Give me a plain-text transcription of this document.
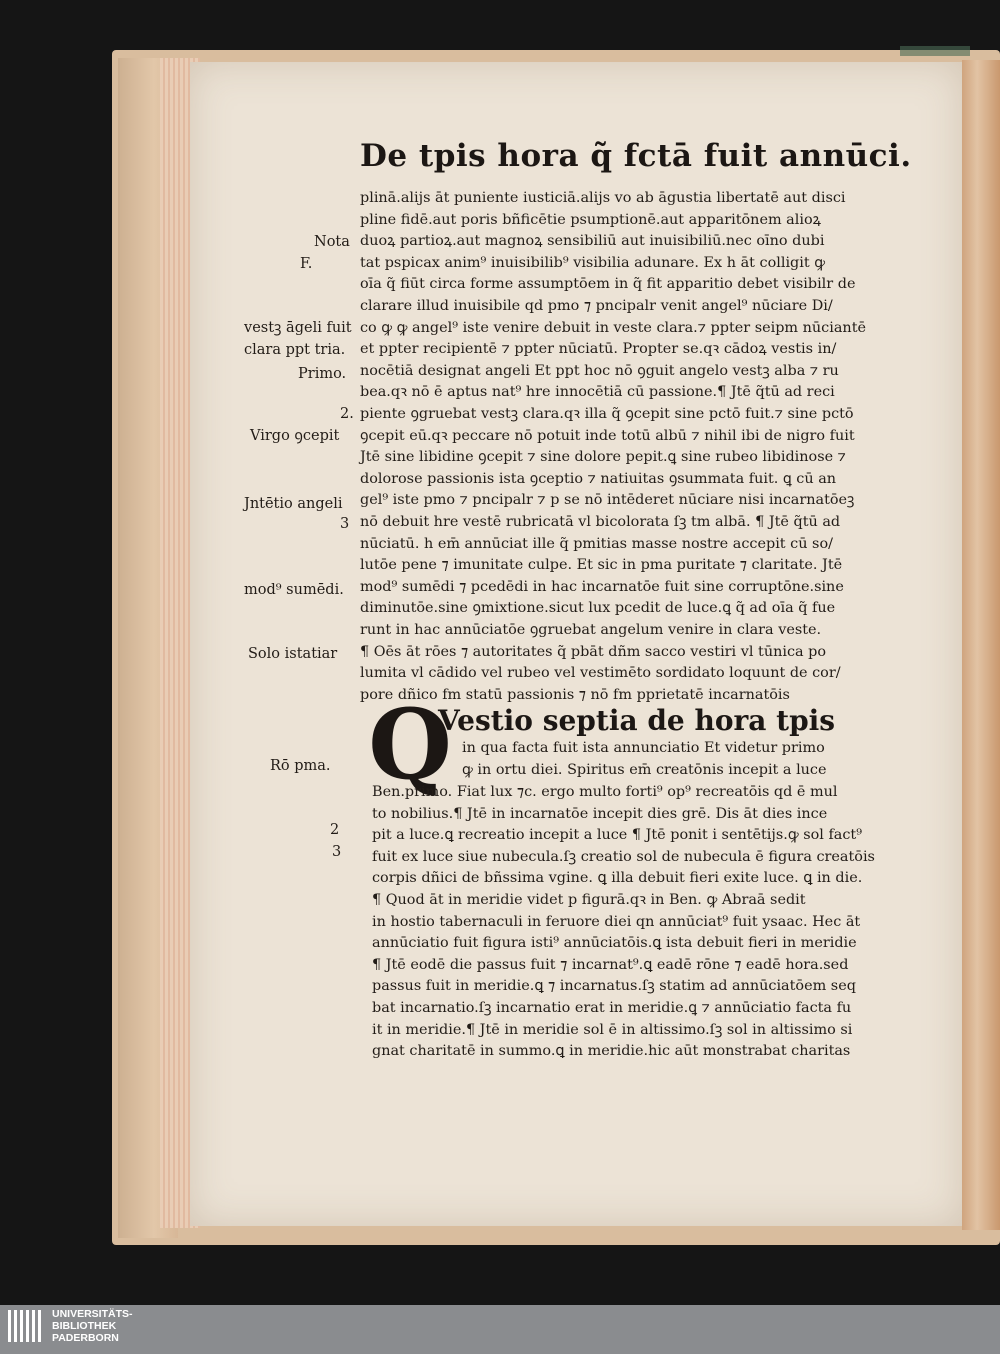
De tpis hora q̃ fctā fuit annūci.
plinā.alijs āt puniente iusticiā.alijs vo ab āgustia libertatē aut disci
pline fidē.aut poris bñficētie psumptionē.aut apparitōnem alioꝝ
duoꝝ partioꝝ.aut magnoꝝ sensibiliū aut inuisibiliū.nec oīno dubi
tat pspicax anim⁹ inuisibilib⁹ visibilia adunare. Ex h āt colligit ꝙ
oīa q̃ fiūt circa forme assumptōem in q̃ fit apparitio debet visibilr de
clarare illud inuisibile qd pmo ⁊ pncipalr venit angel⁹ nūciare Di/
co ꝙ ꝙ angel⁹ iste venire debuit in veste clara.⁊ ppter seipm nūciantē
et ppter recipientē ⁊ ppter nūciatū. Propter se.qꝛ cādoꝝ vestis in/
nocētiā designat angeli Et ppt hoc nō ꝯguit angelo vestꝫ alba ⁊ ru
bea.qꝛ nō ē aptus nat⁹ hre innocētiā cū passione.¶ Jtē q̃tū ad reci
piente ꝯgruebat vestꝫ clara.qꝛ illa q̃ ꝯcepit sine pctō fuit.⁊ sine pctō
ꝯcepit eū.qꝛ peccare nō potuit inde totū albū ⁊ nihil ibi de nigro fuit
Jtē sine libidine ꝯcepit ⁊ sine dolore pepit.ꝗ sine rubeo libidinose ⁊
dolorose passionis ista ꝯceptio ⁊ natiuitas ꝯsummata fuit. ꝗ cū an
gel⁹ iste pmo ⁊ pncipalr ⁊ p se nō intēderet nūciare nisi incarnatōeꝫ
nō debuit hre vestē rubricatā vl bicolorata ſꝫ tm albā. ¶ Jtē q̃tū ad
nūciatū. h em̄ annūciat ille q̃ pmitias masse nostre accepit cū so/
lutōe pene ⁊ imunitate culpe. Et sic in pma puritate ⁊ claritate. Jtē
mod⁹ sumēdi ⁊ pcedēdi in hac incarnatōe fuit sine corruptōne.sine
diminutōe.sine ꝯmixtione.sicut lux pcedit de luce.ꝗ q̃ ad oīa q̃ fue
runt in hac annūciatōe ꝯgruebat angelum venire in clara veste.
¶ Oēs āt rōes ⁊ autoritates q̃ pbāt dñm sacco vestiri vl tūnica po
lumita vl cādido vel rubeo vel vestimēto sordidato loquunt de cor/
pore dñico fm statū passionis ⁊ nō fm pprietatē incarnatōis
Nota
F.
vestꝫ āgeli fuit
clara ppt tria.
Primo.
2.
Virgo ꝯcepit
Jntētio angeli
3
mod⁹ sumēdi.
Solo istatiar
Rō pma.
2
3
Q
Vestio septia de hora tpis
in qua facta fuit ista annunciatio Et videtur primo
ꝙ in ortu diei. Spiritus em̄ creatōnis incepit a luce
Ben.primo. Fiat lux ⁊c. ergo multo forti⁹ op⁹ recreatōis qd ē mul
to nobilius.¶ Jtē in incarnatōe incepit dies grē. Dis āt dies ince
pit a luce.ꝗ recreatio incepit a luce ¶ Jtē ponit i sentētijs.ꝙ sol fact⁹
fuit ex luce siue nubecula.ſꝫ creatio sol de nubecula ē figura creatōis
corpis dñici de bñssima vgine. ꝗ illa debuit fieri exite luce. ꝗ in die.
¶ Quod āt in meridie videt p figurā.qꝛ in Ben. ꝙ Abraā sedit
in hostio tabernaculi in feruore diei qn annūciat⁹ fuit ysaac. Hec āt
annūciatio fuit figura isti⁹ annūciatōis.ꝗ ista debuit fieri in meridie
¶ Jtē eodē die passus fuit ⁊ incarnat⁹.ꝗ eadē rōne ⁊ eadē hora.sed
passus fuit in meridie.ꝗ ⁊ incarnatus.ſꝫ statim ad annūciatōem seq
bat incarnatio.ſꝫ incarnatio erat in meridie.ꝗ ⁊ annūciatio facta fu
it in meridie.¶ Jtē in meridie sol ē in altissimo.ſꝫ sol in altissimo si
gnat charitatē in summo.ꝗ in meridie.hic aūt monstrabat charitas
UNIVERSITÄTS-
BIBLIOTHEK
PADERBORN
